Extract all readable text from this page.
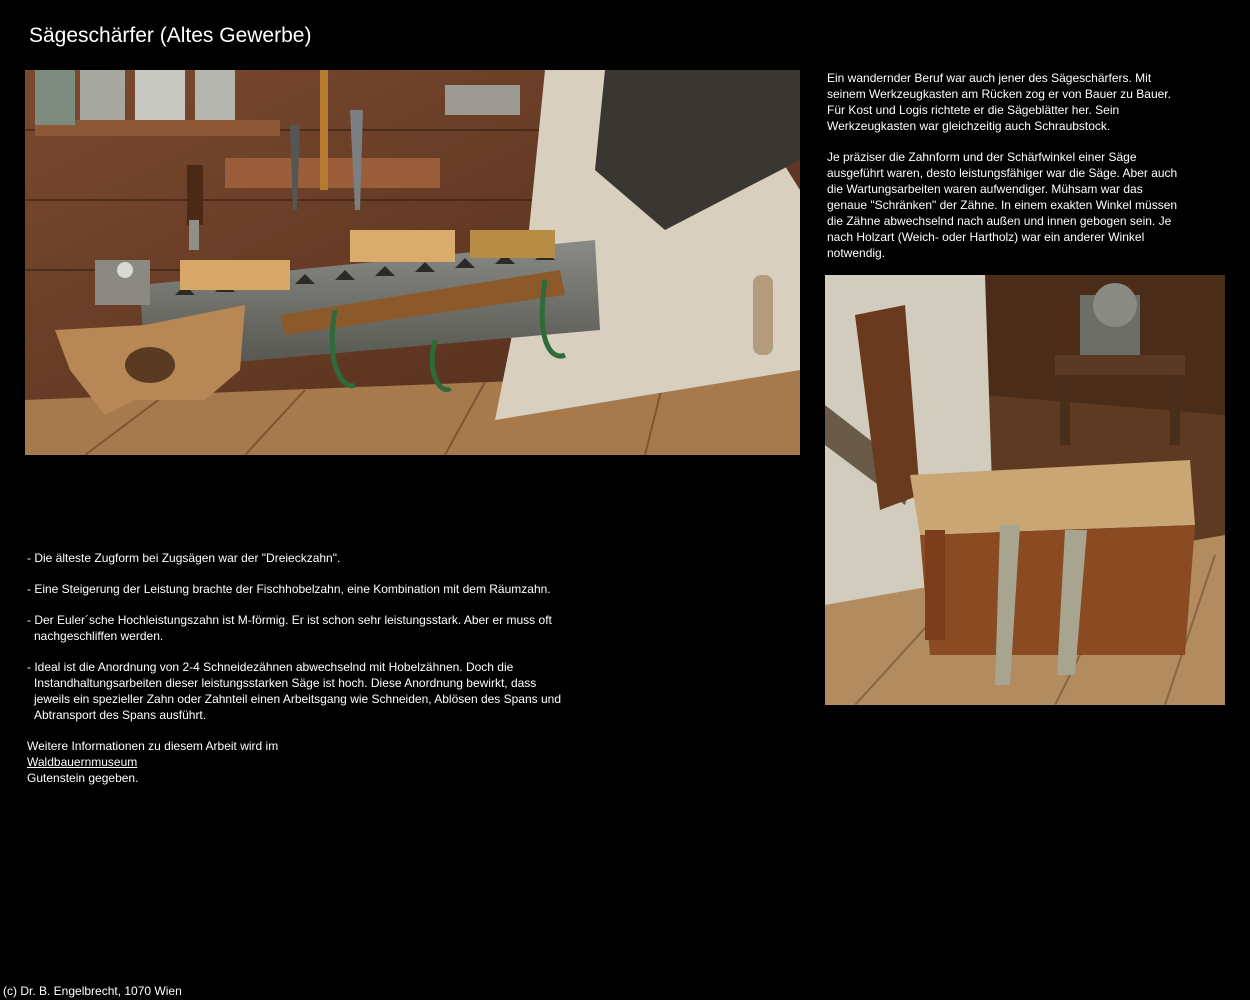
Sägeschärfer (Altes Gewerbe)

Ein wandernder Beruf war auch jener des Sägeschärfers. Mit seinem Werkzeugkasten am Rücken zog er von Bauer zu Bauer. Für Kost und Logis richtete er die Sägeblätter her. Sein Werkzeugkasten war gleichzeitig auch Schraubstock.

Je präziser die Zahnform und der Schärfwinkel einer Säge ausgeführt waren, desto leistungsfähiger war die Säge. Aber auch die Wartungsarbeiten waren aufwendiger. Mühsam war das genaue "Schränken" der Zähne. In einem exakten Winkel müssen die Zähne abwechselnd nach außen und innen gebogen sein. Je nach Holzart (Weich- oder Hartholz) war ein anderer Winkel notwendig.

- Die älteste Zugform bei Zugsägen war der "Dreieckzahn".

- Eine Steigerung der Leistung brachte der Fischhobelzahn, eine Kombination mit dem Räumzahn.

- Der Euler´sche Hochleistungszahn ist M-förmig. Er ist schon sehr leistungsstark. Aber er muss oft nachgeschliffen werden.

- Ideal ist die Anordnung von 2-4 Schneidezähnen abwechselnd mit Hobelzähnen. Doch die Instandhaltungsarbeiten dieser leistungsstarken Säge ist hoch. Diese Anordnung bewirkt, dass jeweils ein spezieller Zahn oder Zahnteil einen Arbeitsgang wie Schneiden, Ablösen des Spans und Abtransport des Spans ausführt.

Weitere Informationen zu diesem Arbeit wird im
Waldbauernmuseum
Gutenstein gegeben.

(c) Dr. B. Engelbrecht, 1070 Wien
